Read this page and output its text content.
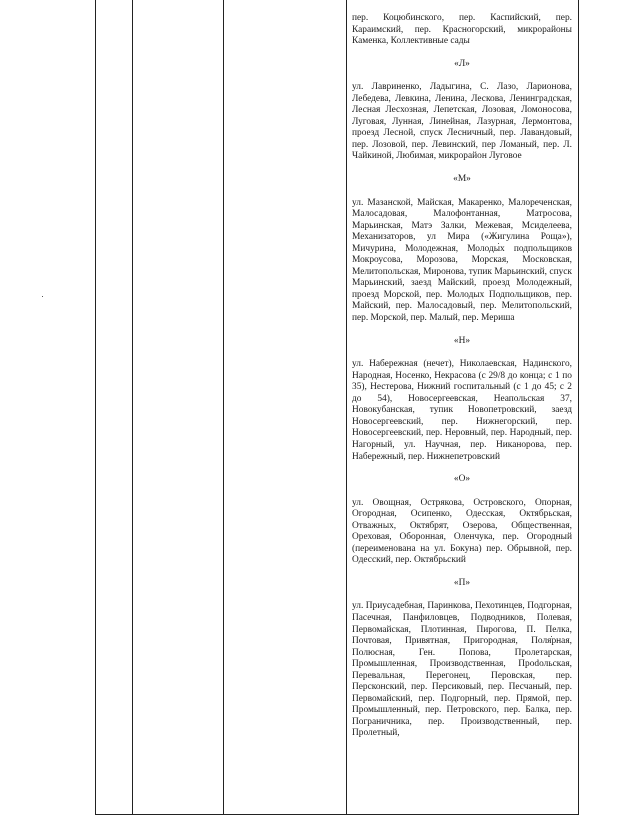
пер. Коцюбинского, пер. Каспийский, пер. Караимский, пер. Красногорский, микрорайоны Каменка, Коллективные сады

«Л»

ул. Лавриненко, Ладыгина, С. Лазо, Ларионова, Лебедева, Левкина, Ленина, Лескова, Ленинградская, Лесная Лесхозная, Лепетская, Лозовая, Ломоносова, Луговая, Лунная, Линейная, Лазурная, Лермонтова, проезд Лесной, спуск Лесничный, пер. Лавандовый, пер. Лозовой, пер. Левинский, пер Ломаный, пер. Л. Чайкиной, Любимая, микрорайон Луговое

«М»

ул. Мазанской, Майская, Макаренко, Малореченская, Малосадовая, Малофонтанная, Матросова, Марьинская, Матэ Залки, Межевая, Мсиделеева, Механизаторов, ул Мира («Жигулина Роща»), Мичурина, Молодежная, Молодых подпольщиков Мокроусова, Морозова, Морская, Московская, Мелитопольская, Миронова, тупик Марьинский, спуск Марьинский, заезд Майский, проезд Молодежный, проезд Морской, пер. Молодых Подпольщиков, пер. Майский, пер. Малосадовый, пер. Мелитопольский, пер. Морской, пер. Малый, пер. Мериша

«Н»

ул. Набережная (нечет), Николаевская, Надинского, Народная, Носенко, Некрасова (с 29/8 до конца; с 1 по 35), Нестерова, Нижний госпитальный (с 1 до 45; с 2 до 54), Новосергеевская, Неапольская 37, Новокубанская, тупик Новопетровский, заезд Новосергеевский, пер. Нижнегорский, пер. Новосергеевский, пер. Неровный, пер. Народный, пер. Нагорный, ул. Научная, пер. Никанорова, пер. Набережный, пер. Нижнепетровский

«О»

ул. Овощная, Острякова, Островского, Опорная, Огородная, Осипенко, Одесская, Октябрьская, Отважных, Октябрят, Озерова, Общественная, Ореховая, Оборонная, Оленчука, пер. Огородный (переименована на ул. Бокуна) пер. Обрывной, пер. Одесский, пер. Октябрьский

«П»

ул. Приусадебная, Паринкова, Пехотинцев, Подгорная, Пасечная, Панфиловцев, Подводников, Полевая, Первомайская, Плотинная, Пирогова, П. Пелка, Почтовая, Привятная, Пригородная, Полярная, Полюсная, Ген. Попова, Пролетарская, Промышленная, Производственная, Прodольская, Перевальная, Перегонец, Перовская, пер. Персконский, пер. Персиковый, пер. Песчаный, пер. Первомайский, пер. Подгорный, пер. Прямой, пер. Промышленный, пер. Петровского, пер. Балка, пер. Пограничника, пер. Производственный, пер. Пролетный,
